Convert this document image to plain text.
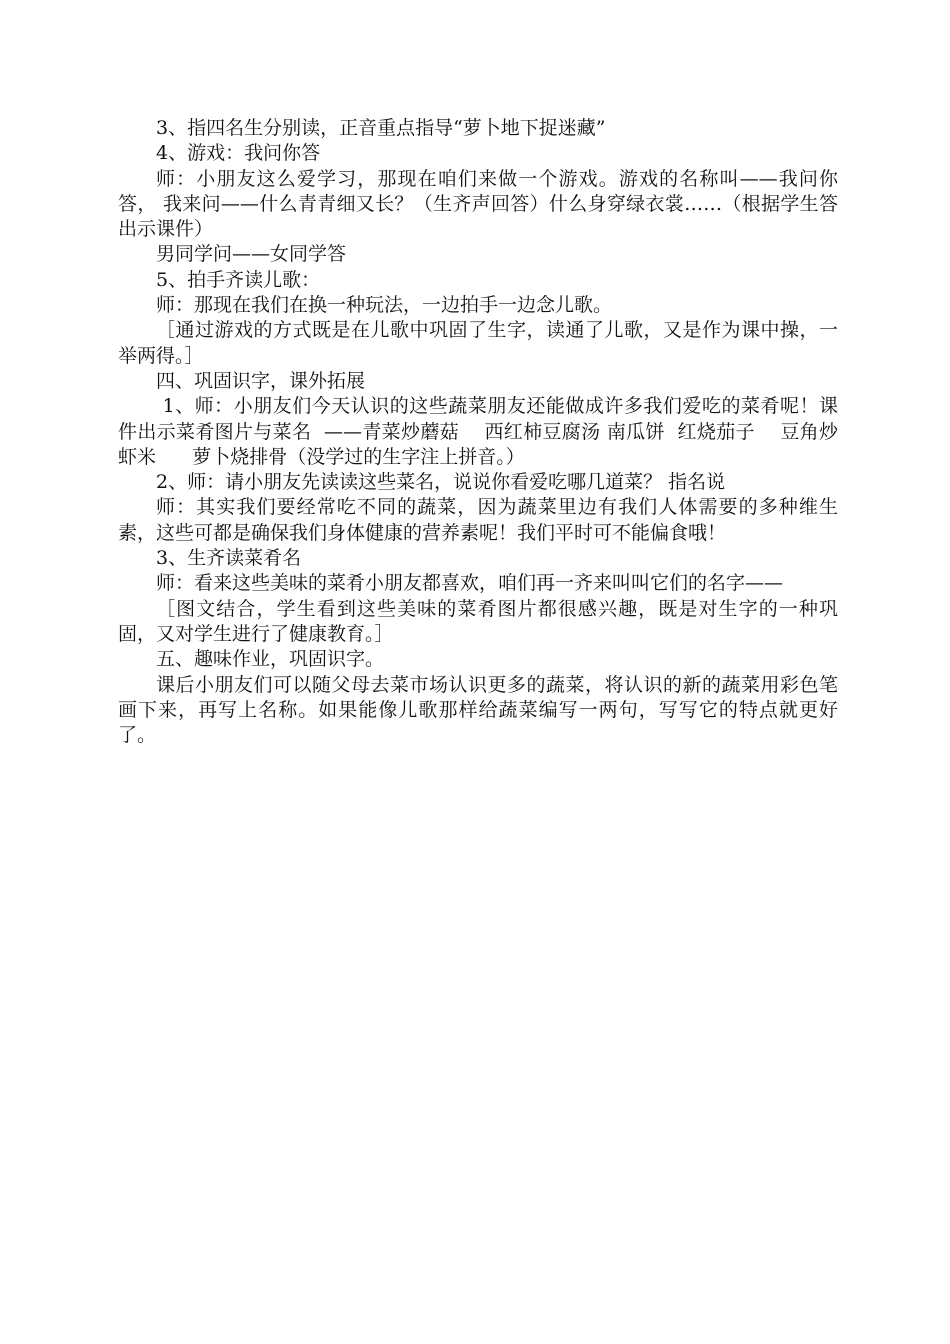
3、指四名生分别读，正音重点指导“萝卜地下捉迷藏”

4、游戏：我问你答

师：小朋友这么爱学习，那现在咱们来做一个游戏。游戏的名称叫——我问你答， 我来问——什么青青细又长？（生齐声回答）什么身穿绿衣裳……（根据学生答出示课件）

男同学问——女同学答

5、拍手齐读儿歌：

师：那现在我们在换一种玩法，一边拍手一边念儿歌。

［通过游戏的方式既是在儿歌中巩固了生字，读通了儿歌，又是作为课中操，一举两得。］

四、巩固识字，课外拓展

1、师：小朋友们今天认识的这些蔬菜朋友还能做成许多我们爱吃的菜肴呢！课件出示菜肴图片与菜名  ——青菜炒蘑菇    西红柿豆腐汤 南瓜饼  红烧茄子    豆角炒虾米      萝卜烧排骨（没学过的生字注上拼音。）

2、师：请小朋友先读读这些菜名，说说你看爱吃哪几道菜？ 指名说

师：其实我们要经常吃不同的蔬菜，因为蔬菜里边有我们人体需要的多种维生素，这些可都是确保我们身体健康的营养素呢！我们平时可不能偏食哦！

3、生齐读菜肴名

师：看来这些美味的菜肴小朋友都喜欢，咱们再一齐来叫叫它们的名字——

［图文结合，学生看到这些美味的菜肴图片都很感兴趣，既是对生字的一种巩固，又对学生进行了健康教育。］

五、趣味作业，巩固识字。

课后小朋友们可以随父母去菜市场认识更多的蔬菜，将认识的新的蔬菜用彩色笔画下来，再写上名称。如果能像儿歌那样给蔬菜编写一两句，写写它的特点就更好了。
